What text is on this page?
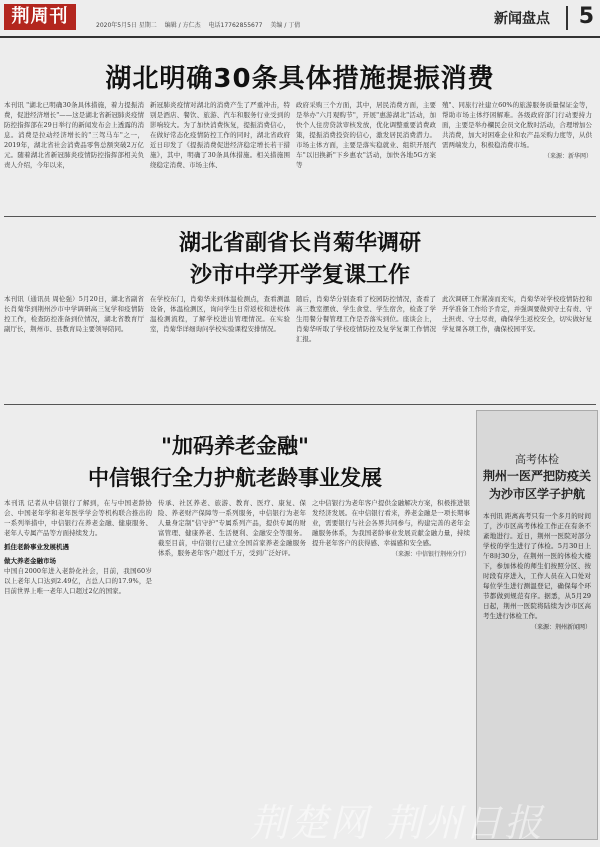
荆周刊	2020年5月5日 星期二 编辑 / 方仁杰 电话17762855677 美编 / 丁倩	新闻盘点 5
湖北明确30条具体措施提振消费
本刊讯 "湖北已明确30条具体措施，着力提振消费，促进经济增长"——这是湖北省新冠肺炎疫情防控指挥部在29日举行的新闻发布会上透露的消息。消费是拉动经济增长的"三驾马车"之一，2019年，湖北省社会消费品零售总额突破2万亿元。随着湖北省新冠肺炎疫情防控指挥部相关负责人介绍，今年以来，
新冠肺炎疫情对湖北的消费产生了严重冲击，特别是酒店、餐饮、旅游、汽车和服务行业受到的影响较大。为了加快消费恢复，提振消费信心，在做好常态化疫情防控工作的同时，湖北省政府近日印发了《提振消费促进经济稳定增长若干措施》，其中，明确了30条具体措施。相关措施围绕稳定消费、市场主体、
政府采购三个方面，其中，居民消费方面，主要是举办"六月观购节"，开展"惠游湖北"活动，加快个人住房贷款审核发放，优化调整重要消费政策，提振消费投资的信心，激发居民消费潜力。市场主体方面，主要是落实稳就业、组织开展汽车"以旧换新"下乡惠农"活动，加快各地5G方案等
殖"、同旅行社建立60%的旅游服务质量保证金等，帮助市场主体纾困解难。各级政府部门行动要持力面，主要是举办欄民会员文化数时活动，合理增加公共消费，加大对困难企业和农产品采购力度等，从供需两端发力，积极稳消费市场。
（来源：新华网）
湖北省副省长肖菊华调研
沙市中学开学复课工作
本刊讯（通讯员 周伦强）5月20日，湖北省副省长肖菊华到荆州沙市中学调研高三复学和疫情防控工作，检查防控准备到位情况，湖北省教育厅副厅长，荆州市、县教育局主要领导陪同。
在学校东门，肖菊华来到体温检测点，查看测温设备，体温检测区，询问学生日常返校和进校体温检测流程，了解学校进出管理情况。在实验室，肖菊华详细询问学校实验课程安排情况。
随后，肖菊华分别查看了校园防控情况，查看了高三教室摆放、学生食堂、学生宿舍，检查了学生用餐分餐管理工作是否落实到位。座谈会上，肖菊华听取了学校疫情防控及复学复课工作情况汇报。
此次调研工作紧凑而充实，肖菊华对学校疫情防控和开学准备工作给予肯定，并强调要做到守土有责、守土担责、守土尽责，确保学生返校安全，切实做好复学复课各项工作，确保校园平安。
"加码养老金融"
中信银行全力护航老龄事业发展
本刊讯 记者从中信银行了解到，在与中国老龄协会、中国老年学和老年医学学会等机构联合推出的一系列举措中，中信银行在养老金融、健康服务、老年人专属产品等方面持续发力。
抓住老龄事业发展机遇
做大养老金融市场
中国自2000年进入老龄化社会，目前，我国60岁以上老年人口达到2.49亿，占总人口的17.9%，是目前世界上唯一老年人口超过2亿的国家。
传承、社区养老、旅游、教育、医疗、康复、保险、养老财产保障等一系列服务，中信银行为老年人量身定制"信守护"专属系列产品，提供专属的财富管理、健康养老、生活便利、金融安全等服务。截至目前，中信银行已建立全国首家养老金融服务体系，服务老年客户超过千万，受到广泛好评。
之中信银行为老年客户提供金融解决方案，积极推进银发经济发展。在中信银行看来，养老金融是一项长期事业，需要银行与社会各界共同参与，构建完善的老年金融服务体系，为我国老龄事业发展贡献金融力量，持续提升老年客户的获得感、幸福感和安全感。
（来源：中信银行荆州分行）
高考体检
荆州一医严把防疫关
为沙市区学子护航
本刊讯 距离高考只有一个多月的时间了，沙市区高考体检工作正在有条不紊地进行。近日，荆州一医院对部分学校的学生进行了体检。5月30日上午8时30分，在荆州一医的体检大楼下，参加体检的师生们按照分区、按时段有序进入，工作人员在入口处对每位学生进行测温登记，确保每个环节都做到规范有序。据悉，从5月29日起，荆州一医院将陆续为沙市区高考生进行体检工作。
（来源：荆州新闻网）
荆楚网 荆州日报
